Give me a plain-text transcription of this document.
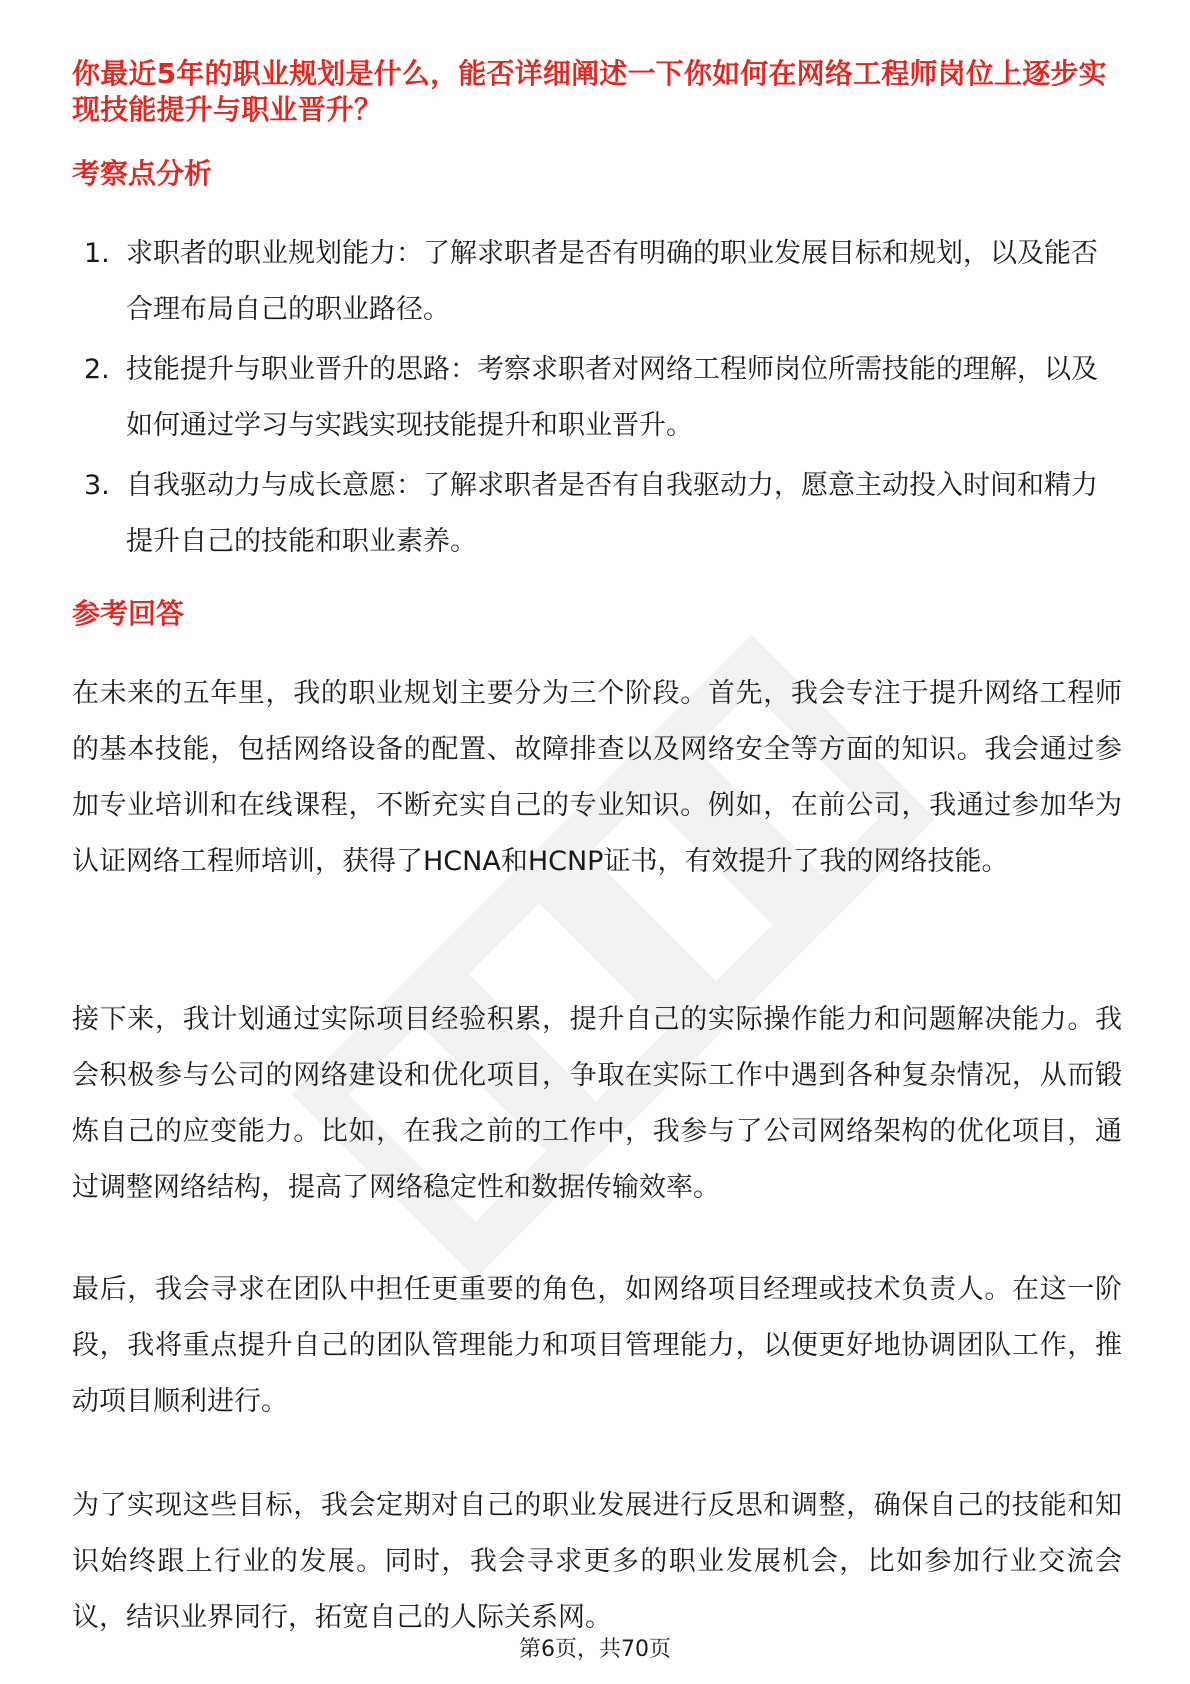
你最近5年的职业规划是什么，能否详细阐述一下你如何在网络工程师岗位上逐步实现技能提升与职业晋升？
考察点分析
1. 求职者的职业规划能力：了解求职者是否有明确的职业发展目标和规划，以及能否合理布局自己的职业路径。
2. 技能提升与职业晋升的思路：考察求职者对网络工程师岗位所需技能的理解，以及如何通过学习与实践实现技能提升和职业晋升。
3. 自我驱动力与成长意愿：了解求职者是否有自我驱动力，愿意主动投入时间和精力提升自己的技能和职业素养。
参考回答

在未来的五年里，我的职业规划主要分为三个阶段。首先，我会专注于提升网络工程师的基本技能，包括网络设备的配置、故障排查以及网络安全等方面的知识。我会通过参加专业培训和在线课程，不断充实自己的专业知识。例如，在前公司，我通过参加华为认证网络工程师培训，获得了HCNA和HCNP证书，有效提升了我的网络技能。

接下来，我计划通过实际项目经验积累，提升自己的实际操作能力和问题解决能力。我会积极参与公司的网络建设和优化项目，争取在实际工作中遇到各种复杂情况，从而锻炼自己的应变能力。比如，在我之前的工作中，我参与了公司网络架构的优化项目，通过调整网络结构，提高了网络稳定性和数据传输效率。

最后，我会寻求在团队中担任更重要的角色，如网络项目经理或技术负责人。在这一阶段，我将重点提升自己的团队管理能力和项目管理能力，以便更好地协调团队工作，推动项目顺利进行。

为了实现这些目标，我会定期对自己的职业发展进行反思和调整，确保自己的技能和知识始终跟上行业的发展。同时，我会寻求更多的职业发展机会，比如参加行业交流会议，结识业界同行，拓宽自己的人际关系网。

第6页，共70页
